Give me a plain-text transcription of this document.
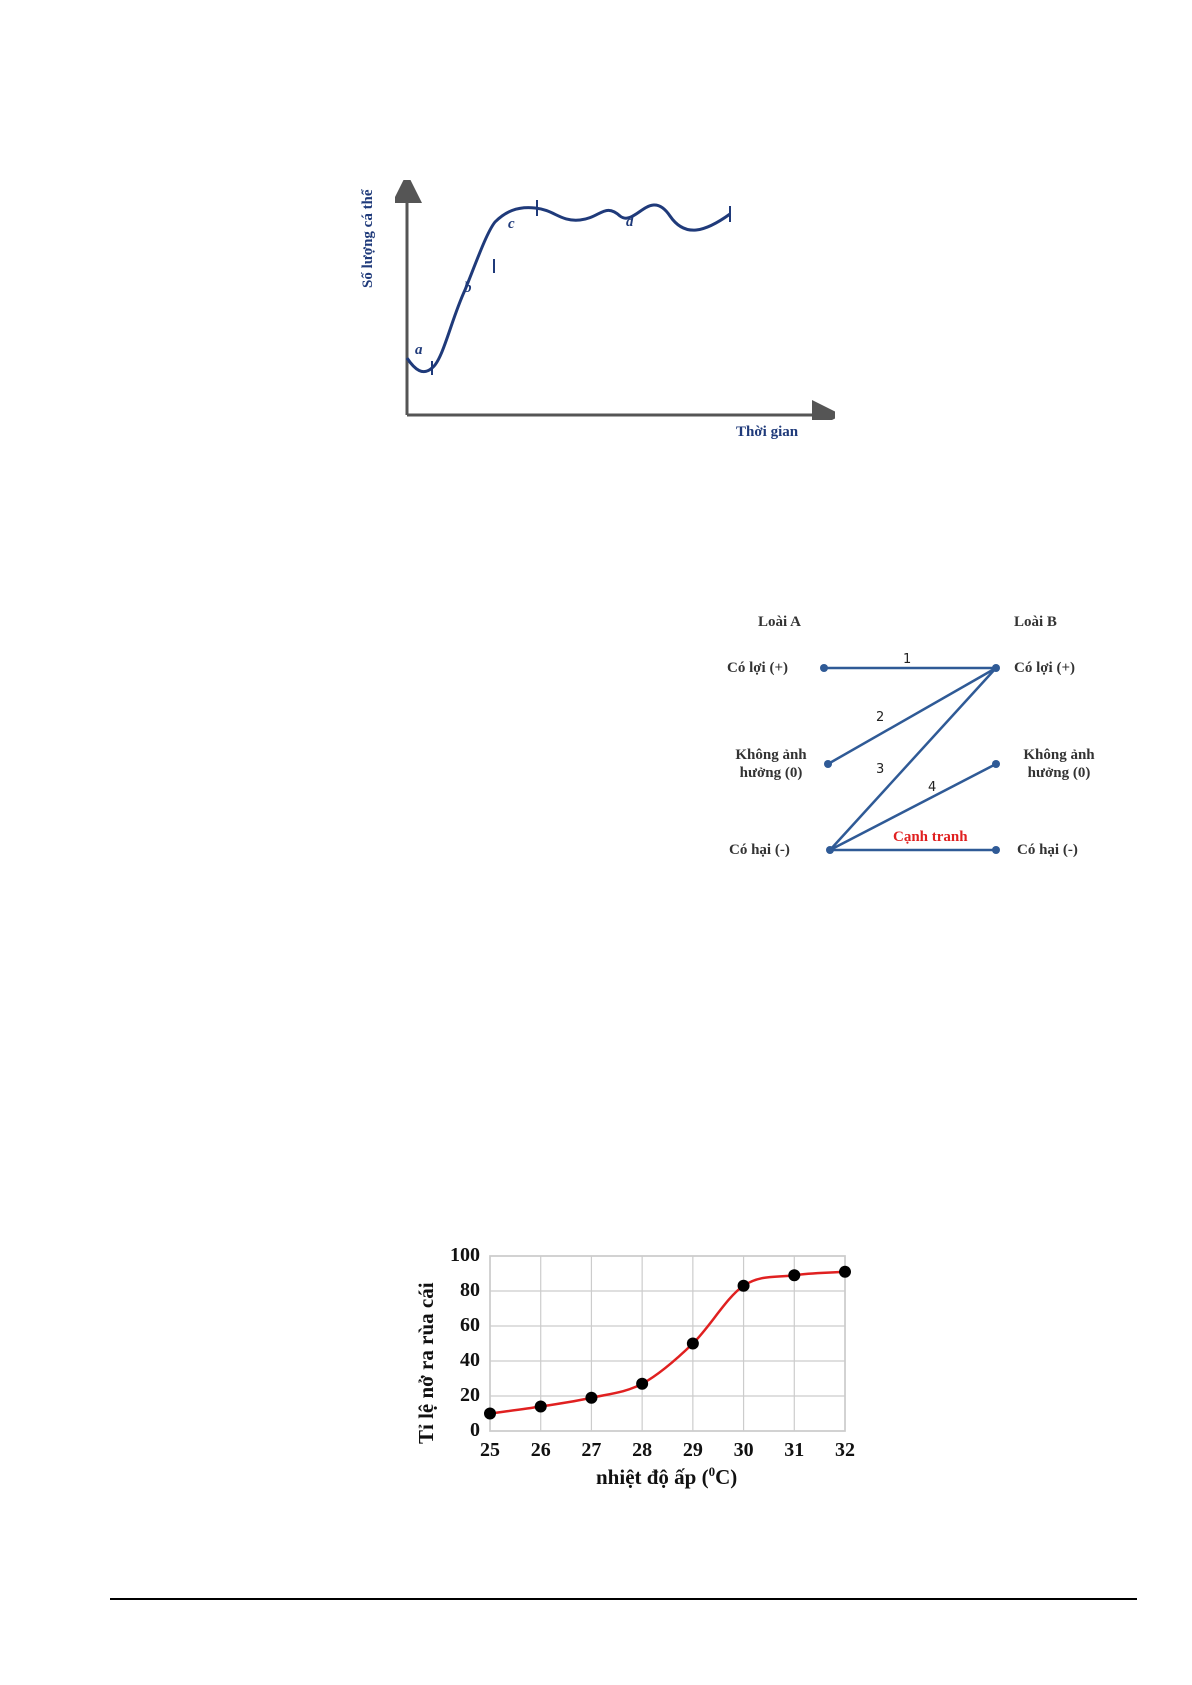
Số lượng cá thể
Thời gian
a
b
c	d
Loài A	Loài B
Có lợi (+)
Không ảnh
hưởng (0)
Có hại (-)
Có lợi (+)
Không ảnh
hưởng (0)
Có hại (-)
1
2
3
4
Cạnh tranh
Tỉ lệ nở ra rùa cái	0
20
40
60
80
100
25	26	27	28	29	30	31	32
nhiệt độ ấp ($^0$C)
